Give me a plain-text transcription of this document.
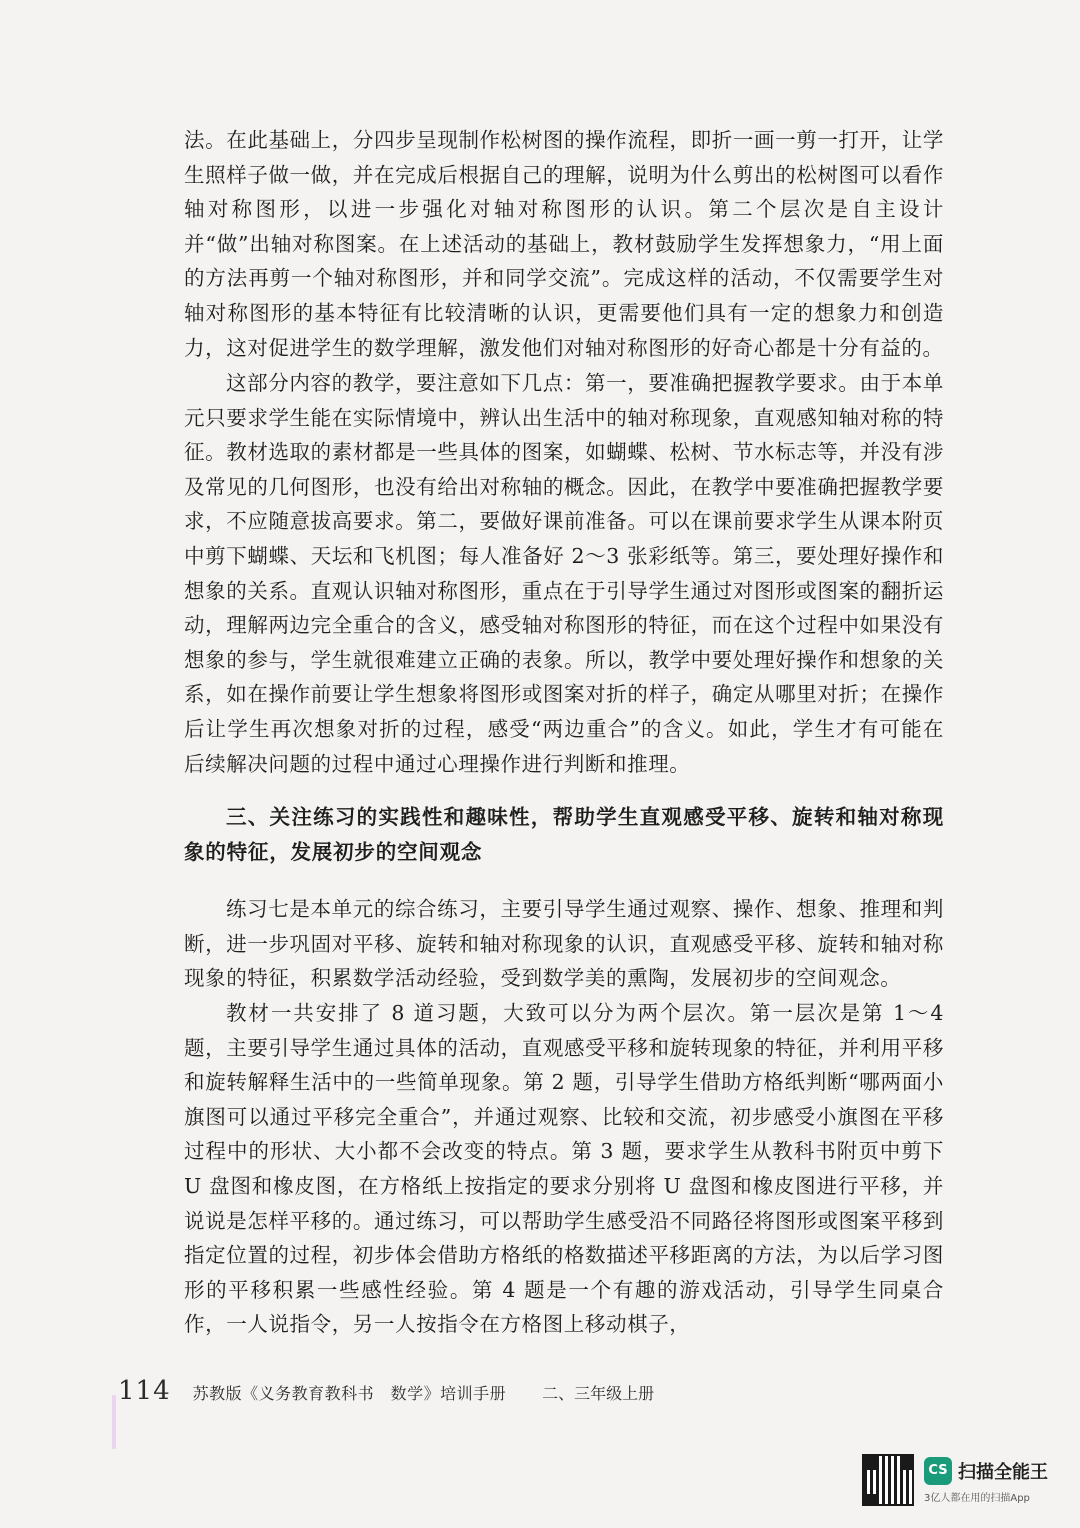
法。在此基础上，分四步呈现制作松树图的操作流程，即折一画一剪一打开，让学生照样子做一做，并在完成后根据自己的理解，说明为什么剪出的松树图可以看作轴对称图形，以进一步强化对轴对称图形的认识。第二个层次是自主设计并“做”出轴对称图案。在上述活动的基础上，教材鼓励学生发挥想象力，“用上面的方法再剪一个轴对称图形，并和同学交流”。完成这样的活动，不仅需要学生对轴对称图形的基本特征有比较清晰的认识，更需要他们具有一定的想象力和创造力，这对促进学生的数学理解，激发他们对轴对称图形的好奇心都是十分有益的。

这部分内容的教学，要注意如下几点：第一，要准确把握教学要求。由于本单元只要求学生能在实际情境中，辨认出生活中的轴对称现象，直观感知轴对称的特征。教材选取的素材都是一些具体的图案，如蝴蝶、松树、节水标志等，并没有涉及常见的几何图形，也没有给出对称轴的概念。因此，在教学中要准确把握教学要求，不应随意拔高要求。第二，要做好课前准备。可以在课前要求学生从课本附页中剪下蝴蝶、天坛和飞机图；每人准备好 2～3 张彩纸等。第三，要处理好操作和想象的关系。直观认识轴对称图形，重点在于引导学生通过对图形或图案的翻折运动，理解两边完全重合的含义，感受轴对称图形的特征，而在这个过程中如果没有想象的参与，学生就很难建立正确的表象。所以，教学中要处理好操作和想象的关系，如在操作前要让学生想象将图形或图案对折的样子，确定从哪里对折；在操作后让学生再次想象对折的过程，感受“两边重合”的含义。如此，学生才有可能在后续解决问题的过程中通过心理操作进行判断和推理。

三、关注练习的实践性和趣味性，帮助学生直观感受平移、旋转和轴对称现象的特征，发展初步的空间观念

练习七是本单元的综合练习，主要引导学生通过观察、操作、想象、推理和判断，进一步巩固对平移、旋转和轴对称现象的认识，直观感受平移、旋转和轴对称现象的特征，积累数学活动经验，受到数学美的熏陶，发展初步的空间观念。

教材一共安排了 8 道习题，大致可以分为两个层次。第一层次是第 1～4 题，主要引导学生通过具体的活动，直观感受平移和旋转现象的特征，并利用平移和旋转解释生活中的一些简单现象。第 2 题，引导学生借助方格纸判断“哪两面小旗图可以通过平移完全重合”，并通过观察、比较和交流，初步感受小旗图在平移过程中的形状、大小都不会改变的特点。第 3 题，要求学生从教科书附页中剪下 U 盘图和橡皮图，在方格纸上按指定的要求分别将 U 盘图和橡皮图进行平移，并说说是怎样平移的。通过练习，可以帮助学生感受沿不同路径将图形或图案平移到指定位置的过程，初步体会借助方格纸的格数描述平移距离的方法，为以后学习图形的平移积累一些感性经验。第 4 题是一个有趣的游戏活动，引导学生同桌合作，一人说指令，另一人按指令在方格图上移动棋子，

114 苏教版《义务教育教科书　数学》培训手册 二、三年级上册
CS 扫描全能王
3亿人都在用的扫描App
